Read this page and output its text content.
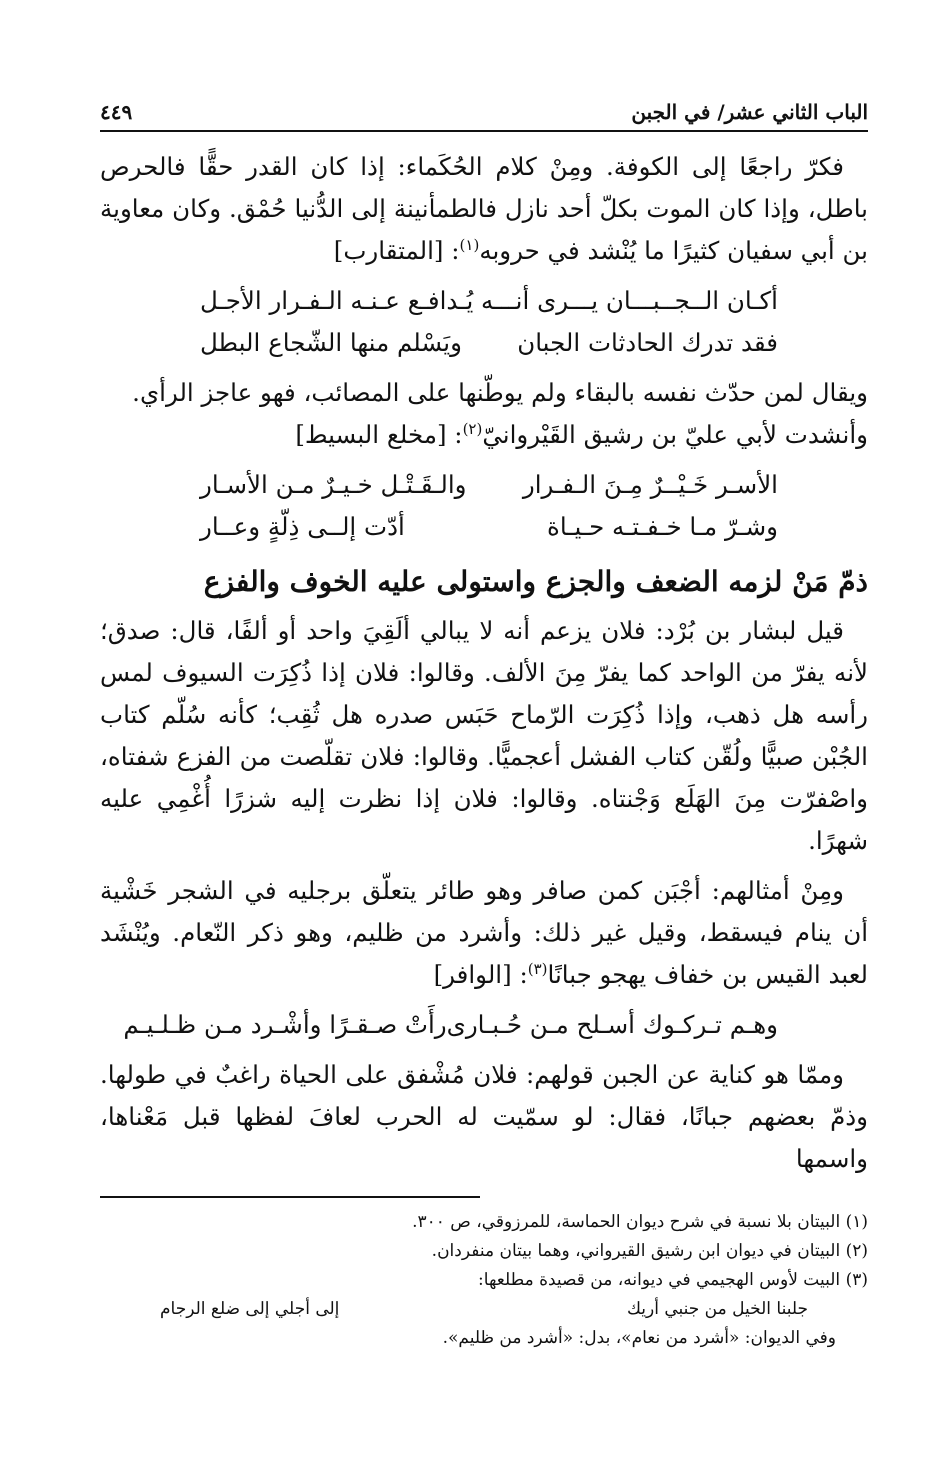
الباب الثاني عشر/ في الجبن
٤٤٩

فكرّ راجعًا إلى الكوفة. ومِنْ كلام الحُكَماء: إذا كان القدر حقًّا فالحرص باطل، وإذا كان الموت بكلّ أحد نازل فالطمأنينة إلى الدُّنيا حُمْق. وكان معاوية بن أبي سفيان كثيرًا ما يُنْشد في حروبه$^{(١)}$: [المتقارب]

أكـان الــجــبـــان يـــرى أنـــه
يُـدافـع عـنـه الـفـرار الأجـل

فقد تدرك الحادثات الجبان
ويَسْلم منها الشّجاع البطل

ويقال لمن حدّث نفسه بالبقاء ولم يوطّنها على المصائب، فهو عاجز الرأي.

وأنشدت لأبي عليّ بن رشيق القَيْروانيّ$^{(٢)}$: [مخلع البسيط]

الأسـر خَـيْــرٌ مِـنَ الـفـرار
والـقَـتْـل خـيـرٌ مـن الأسـار

وشـرّ مـا خـفـتـه حـيـاة
أدّت إلــى ذِلّةٍ وعــار

ذمّ مَنْ لزمه الضعف والجزع واستولى عليه الخوف والفزع

قيل لبشار بن بُرْد: فلان يزعم أنه لا يبالي ألَقِيَ واحد أو ألفًا، قال: صدق؛ لأنه يفرّ من الواحد كما يفرّ مِنَ الألف. وقالوا: فلان إذا ذُكِرَت السيوف لمس رأسه هل ذهب، وإذا ذُكِرَت الرّماح حَبَس صدره هل ثُقِب؛ كأنه سُلّم كتاب الجُبْن صبيًّا ولُقّن كتاب الفشل أعجميًّا. وقالوا: فلان تقلّصت من الفزع شفتاه، واصْفرّت مِنَ الهَلَع وَجْنتاه. وقالوا: فلان إذا نظرت إليه شزرًا أُغْمِي عليه شهرًا.

ومِنْ أمثالهم: أجْبَن كمن صافر وهو طائر يتعلّق برجليه في الشجر خَشْية أن ينام فيسقط، وقيل غير ذلك: وأشرد من ظليم، وهو ذكر النّعام. ويُنْشَد لعبد القيس بن خفاف يهجو جبانًا$^{(٣)}$: [الوافر]

وهـم تـركـوك أسـلح مـن حُـبـارى
رأَتْ صـقـرًا وأشْـرد مـن ظـلـيـم

وممّا هو كناية عن الجبن قولهم: فلان مُشْفق على الحياة راغبٌ في طولها. وذمّ بعضهم جبانًا، فقال: لو سمّيت له الحرب لعافَ لفظها قبل مَعْناها، واسمها

(١) البيتان بلا نسبة في شرح ديوان الحماسة، للمرزوقي، ص ٣٠٠.

(٢) البيتان في ديوان ابن رشيق القيرواني، وهما بيتان منفردان.

(٣) البيت لأوس الهجيمي في ديوانه، من قصيدة مطلعها:

جلبنا الخيل من جنبي أريك
إلى أجلي إلى ضلع الرجام

وفي الديوان: «أشرد من نعام»، بدل: «أشرد من ظليم».
